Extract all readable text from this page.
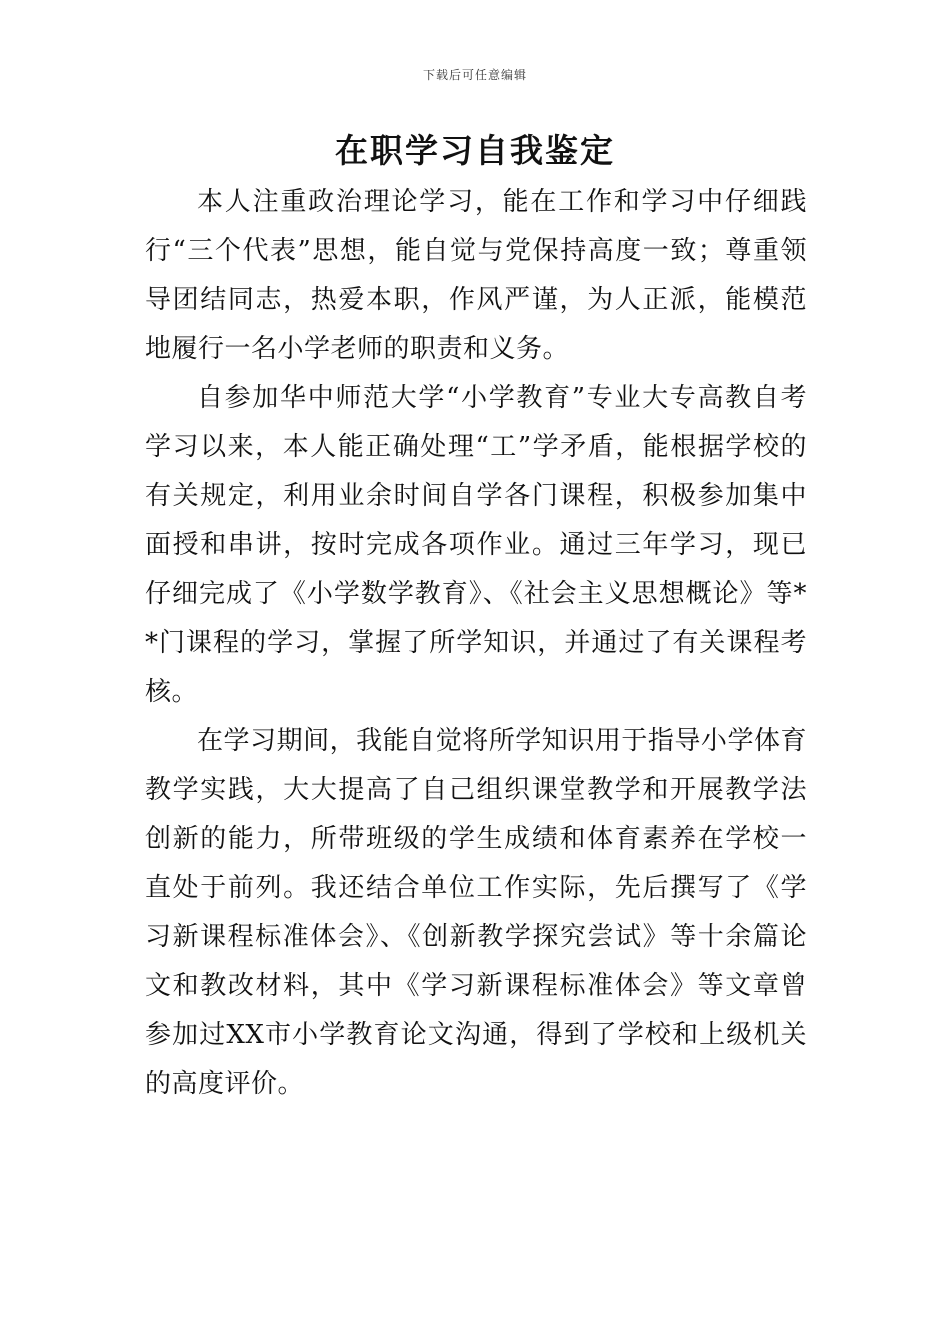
下载后可任意编辑
在职学习自我鉴定

本人注重政治理论学习，能在工作和学习中仔细践行“三个代表”思想，能自觉与党保持高度一致；尊重领导团结同志，热爱本职，作风严谨，为人正派，能模范地履行一名小学老师的职责和义务。

自参加华中师范大学“小学教育”专业大专高教自考学习以来，本人能正确处理“工”学矛盾，能根据学校的有关规定，利用业余时间自学各门课程，积极参加集中面授和串讲，按时完成各项作业。通过三年学习，现已仔细完成了《小学数学教育》、《社会主义思想概论》等**门课程的学习，掌握了所学知识，并通过了有关课程考核。

在学习期间，我能自觉将所学知识用于指导小学体育教学实践，大大提高了自己组织课堂教学和开展教学法创新的能力，所带班级的学生成绩和体育素养在学校一直处于前列。我还结合单位工作实际，先后撰写了《学习新课程标准体会》、《创新教学探究尝试》等十余篇论文和教改材料，其中《学习新课程标准体会》等文章曾参加过XX市小学教育论文沟通，得到了学校和上级机关的高度评价。
